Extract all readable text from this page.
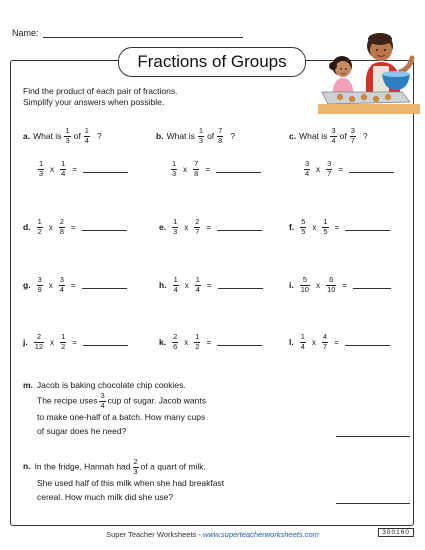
Name:
Fractions of Groups
Find the product of each pair of fractions.
Simplify your answers when possible.
a. What is $\frac{1}{3}$ of $\frac{1}{4}$ ?	b. What is $\frac{1}{3}$ of $\frac{7}{8}$ ?	c. What is $\frac{3}{4}$ of $\frac{3}{7}$ ?
$\frac{1}{3}$ x $\frac{1}{4}$ =	$\frac{1}{3}$ x $\frac{7}{8}$ =	$\frac{3}{4}$ x $\frac{3}{7}$ =
d. $\frac{1}{2}$ x $\frac{2}{8}$ =	e. $\frac{1}{3}$ x $\frac{2}{7}$ =	f. $\frac{5}{5}$ x $\frac{1}{5}$ =
g. $\frac{3}{9}$ x $\frac{3}{4}$ =	h. $\frac{1}{4}$ x $\frac{1}{4}$ =	i. $\frac{5}{10}$ x $\frac{6}{10}$ =
j. $\frac{2}{12}$ x $\frac{1}{2}$ =	k. $\frac{2}{6}$ x $\frac{1}{2}$ =	l. $\frac{1}{4}$ x $\frac{4}{7}$ =
m. Jacob is baking chocolate chip cookies.
The recipe uses $\frac{3}{4}$ cup of sugar. Jacob wants
to make one-half of a batch. How many cups
of sugar does he need?
n. In the fridge, Hannah had $\frac{2}{3}$ of a quart of milk.
She used half of this milk when she had breakfast
cereal. How much milk did she use?
Super Teacher Worksheets - www.superteacherworksheets.com	300160
